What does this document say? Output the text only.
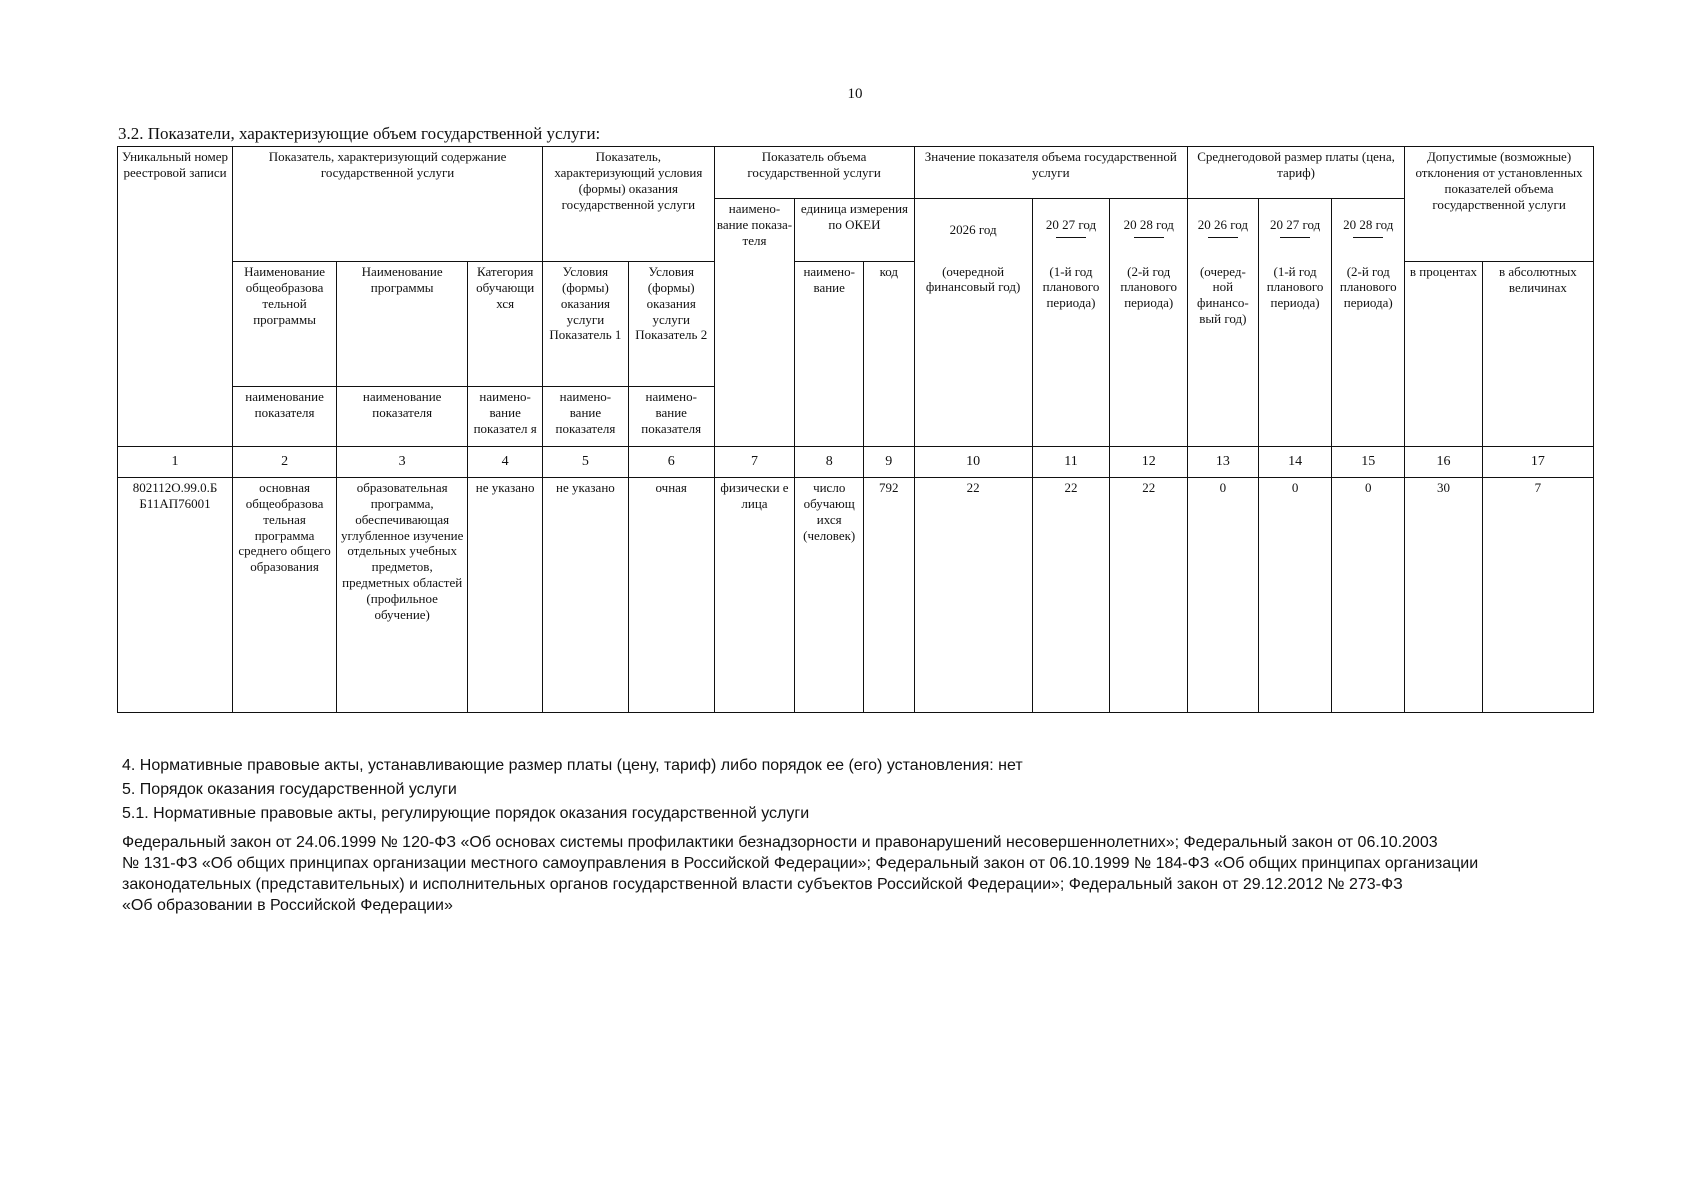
10
3.2. Показатели, характеризующие объем государственной услуги:
Уникальный номер реестровой записи	Показатель, характеризующий содержание государственной услуги			Показатель, характеризующий условия (формы) оказания государственной услуги		Показатель объема государственной услуги			Значение показателя объема государственной услуги			Среднегодовой размер платы (цена, тариф)			Допустимые (возможные) отклонения от установленных показателей объема государственной услуги	
						наимено-вание показа-теля	единица измерения по ОКЕИ		2026 год	20 27 год	20 28 год	20 26 год	20 27 год	20 28 год		

	Наименование общеобразова тельной программы	Наименование программы	Категория обучающи хся	Условия (формы) оказания услуги Показатель 1	Условия (формы) оказания услуги Показатель 2		наимено-вание	код	(очередной финансовый год)	(1-й год планового периода)	(2-й год планового периода)	(очеред-ной финансо-вый год)	(1-й год планового периода)	(2-й год планового периода)	в процентах	в абсолютных величинах
	наименование показателя	наименование показателя	наимено-вание показател я	наимено-вание показателя	наимено-вание показателя											
1	2	3	4	5	6	7	8	9	10	11	12	13	14	15	16	17
802112О.99.0.Б Б11АП76001	основная общеобразова тельная программа среднего общего образования	образовательная программа, обеспечивающая углубленное изучение отдельных учебных предметов, предметных областей (профильное обучение)	не указано	не указано	очная	физически е лица	число обучающ ихся (человек)	792	22	22	22	0	0	0	30	7
4. Нормативные правовые акты, устанавливающие размер платы (цену, тариф) либо порядок ее (его) установления: нет
5. Порядок оказания государственной услуги
5.1. Нормативные правовые акты, регулирующие порядок оказания государственной услуги
Федеральный закон от 24.06.1999 № 120-ФЗ «Об основах системы профилактики безнадзорности и правонарушений несовершеннолетних»; Федеральный закон от 06.10.2003
№ 131-ФЗ «Об общих принципах организации местного самоуправления в Российской Федерации»; Федеральный закон от 06.10.1999 № 184-ФЗ «Об общих принципах организации
законодательных (представительных) и исполнительных органов государственной власти субъектов Российской Федерации»; Федеральный закон от 29.12.2012 № 273-ФЗ
«Об образовании в Российской Федерации»
